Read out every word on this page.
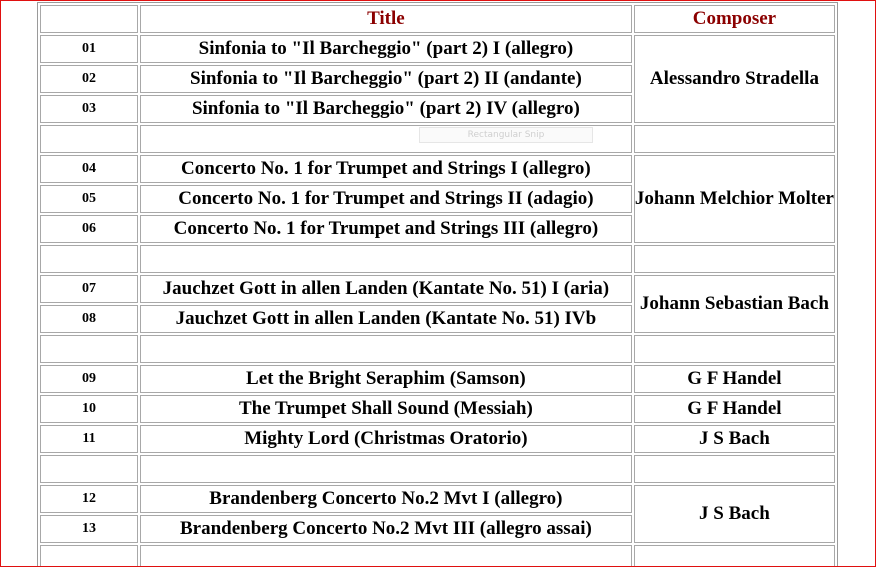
	Title	Composer
01	Sinfonia to "Il Barcheggio" (part 2) I (allegro)	Alessandro Stradella
02	Sinfonia to "Il Barcheggio" (part 2) II (andante)	
03	Sinfonia to "Il Barcheggio" (part 2) IV (allegro)	

04	Concerto No. 1 for Trumpet and Strings I (allegro)	Johann Melchior Molter
05	Concerto No. 1 for Trumpet and Strings II (adagio)	
06	Concerto No. 1 for Trumpet and Strings III (allegro)	

07	Jauchzet Gott in allen Landen (Kantate No. 51) I (aria)	Johann Sebastian Bach
08	Jauchzet Gott in allen Landen (Kantate No. 51) IVb	

09	Let the Bright Seraphim (Samson)	G F Handel
10	The Trumpet Shall Sound (Messiah)	G F Handel
11	Mighty Lord (Christmas Oratorio)	J S Bach

12	Brandenberg Concerto No.2 Mvt I (allegro)	J S Bach
13	Brandenberg Concerto No.2 Mvt III (allegro assai)	

Rectangular Snip
